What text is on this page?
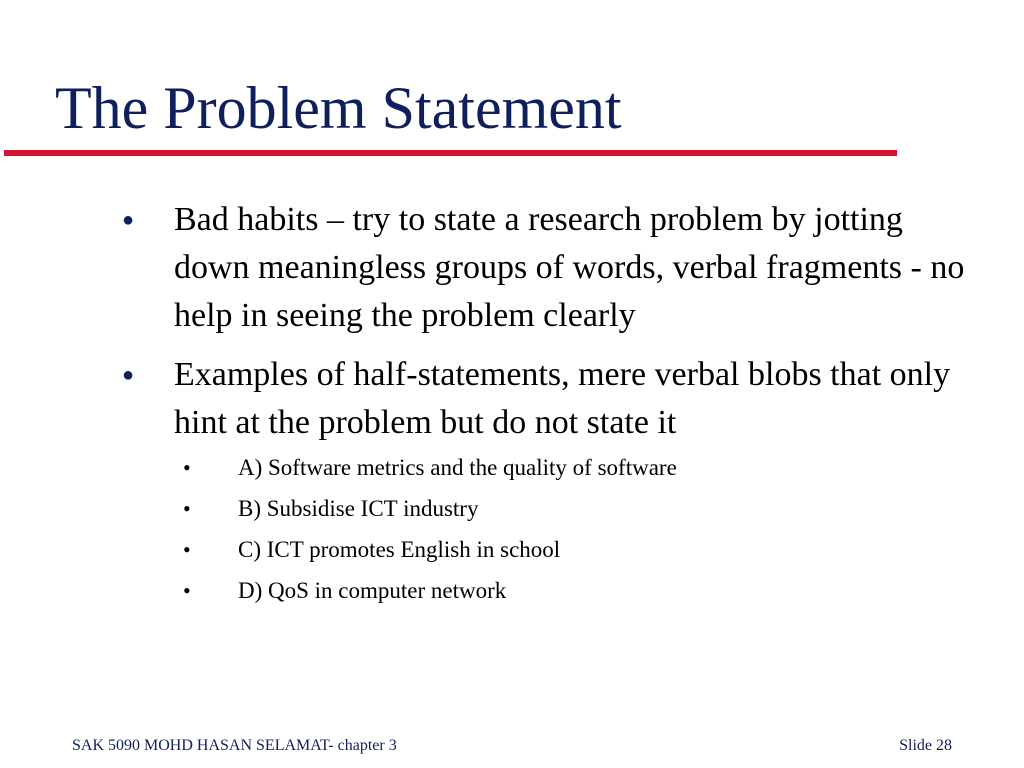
The Problem Statement
●	Bad habits – try to state a research problem by jotting down meaningless groups of words, verbal fragments - no help in seeing the problem clearly
●	Examples of half-statements, mere verbal blobs that only hint at the problem but do not state it
•	A) Software metrics and the quality of software
•	B) Subsidise ICT industry
•	C) ICT promotes English in school
•	D) QoS in computer network
SAK 5090 MOHD HASAN SELAMAT- chapter 3	Slide 28
